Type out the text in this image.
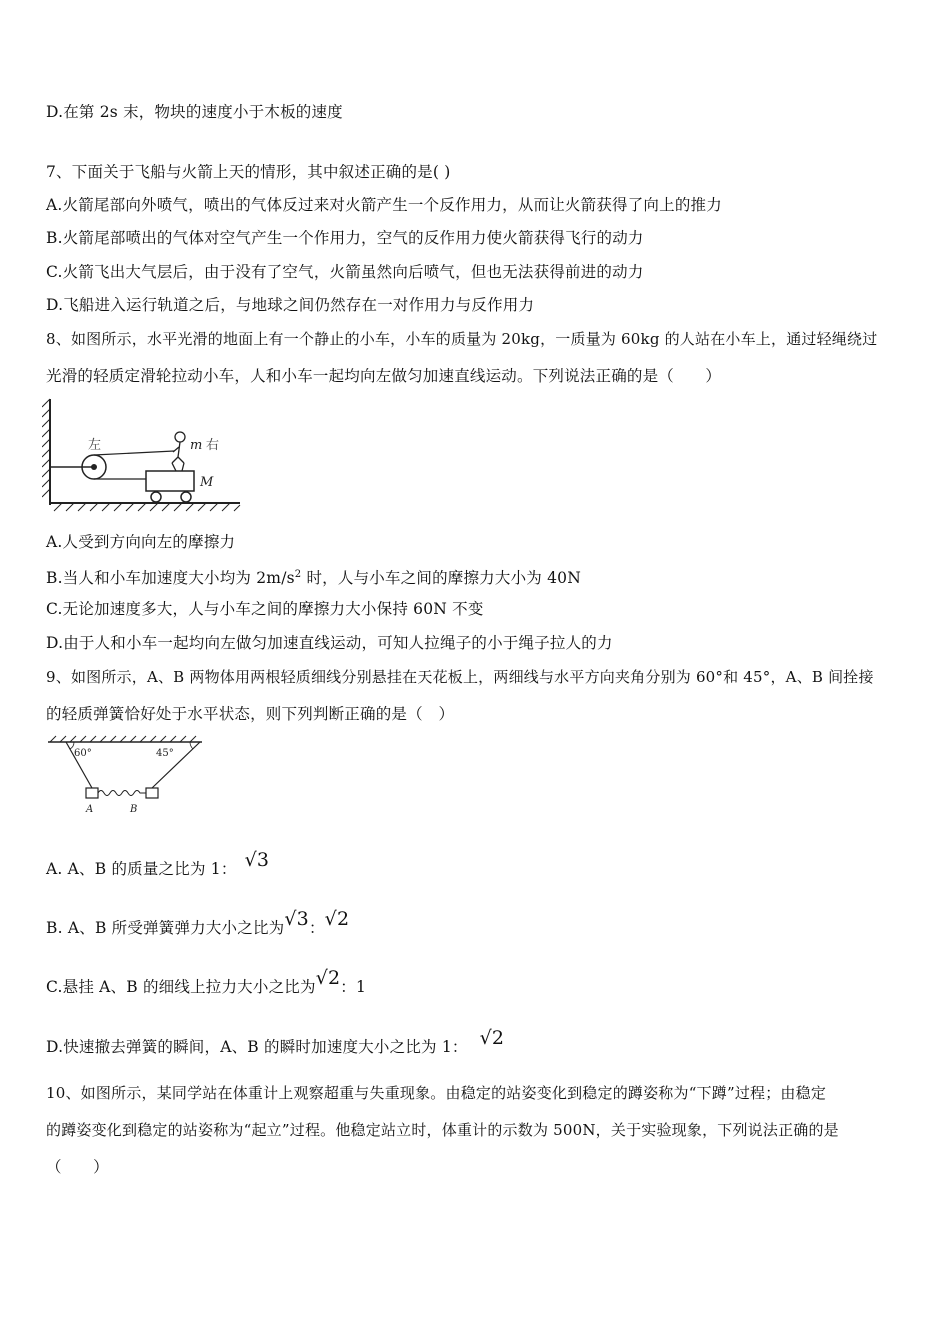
D.在第 2s 末，物块的速度小于木板的速度
7、下面关于飞船与火箭上天的情形，其中叙述正确的是( )
A.火箭尾部向外喷气，喷出的气体反过来对火箭产生一个反作用力，从而让火箭获得了向上的推力
B.火箭尾部喷出的气体对空气产生一个作用力，空气的反作用力使火箭获得飞行的动力
C.火箭飞出大气层后，由于没有了空气，火箭虽然向后喷气，但也无法获得前进的动力
D.飞船进入运行轨道之后，与地球之间仍然存在一对作用力与反作用力
8、如图所示，水平光滑的地面上有一个静止的小车，小车的质量为 20kg，一质量为 60kg 的人站在小车上，通过轻绳绕过
光滑的轻质定滑轮拉动小车，人和小车一起均向左做匀加速直线运动。下列说法正确的是（　　）
左	m 右
M
A.人受到方向向左的摩擦力
B.当人和小车加速度大小均为 $2m/s^2$ 时，人与小车之间的摩擦力大小为 40N
C.无论加速度多大，人与小车之间的摩擦力大小保持 60N 不变
D.由于人和小车一起均向左做匀加速直线运动，可知人拉绳子的小于绳子拉人的力
9、如图所示，A、B 两物体用两根轻质细线分别悬挂在天花板上，两细线与水平方向夹角分别为 60°和 45°，A、B 间拴接
的轻质弹簧恰好处于水平状态，则下列判断正确的是（　）
60°	45°
A	B
A. A、B 的质量之比为 1： √3
B. A、B 所受弹簧弹力大小之比为√3：√2
C.悬挂 A、B 的细线上拉力大小之比为√2：1
D.快速撤去弹簧的瞬间，A、B 的瞬时加速度大小之比为 1： √2
10、如图所示，某同学站在体重计上观察超重与失重现象。由稳定的站姿变化到稳定的蹲姿称为“下蹲”过程；由稳定
的蹲姿变化到稳定的站姿称为“起立”过程。他稳定站立时，体重计的示数为 500N，关于实验现象，下列说法正确的是
（　　）
